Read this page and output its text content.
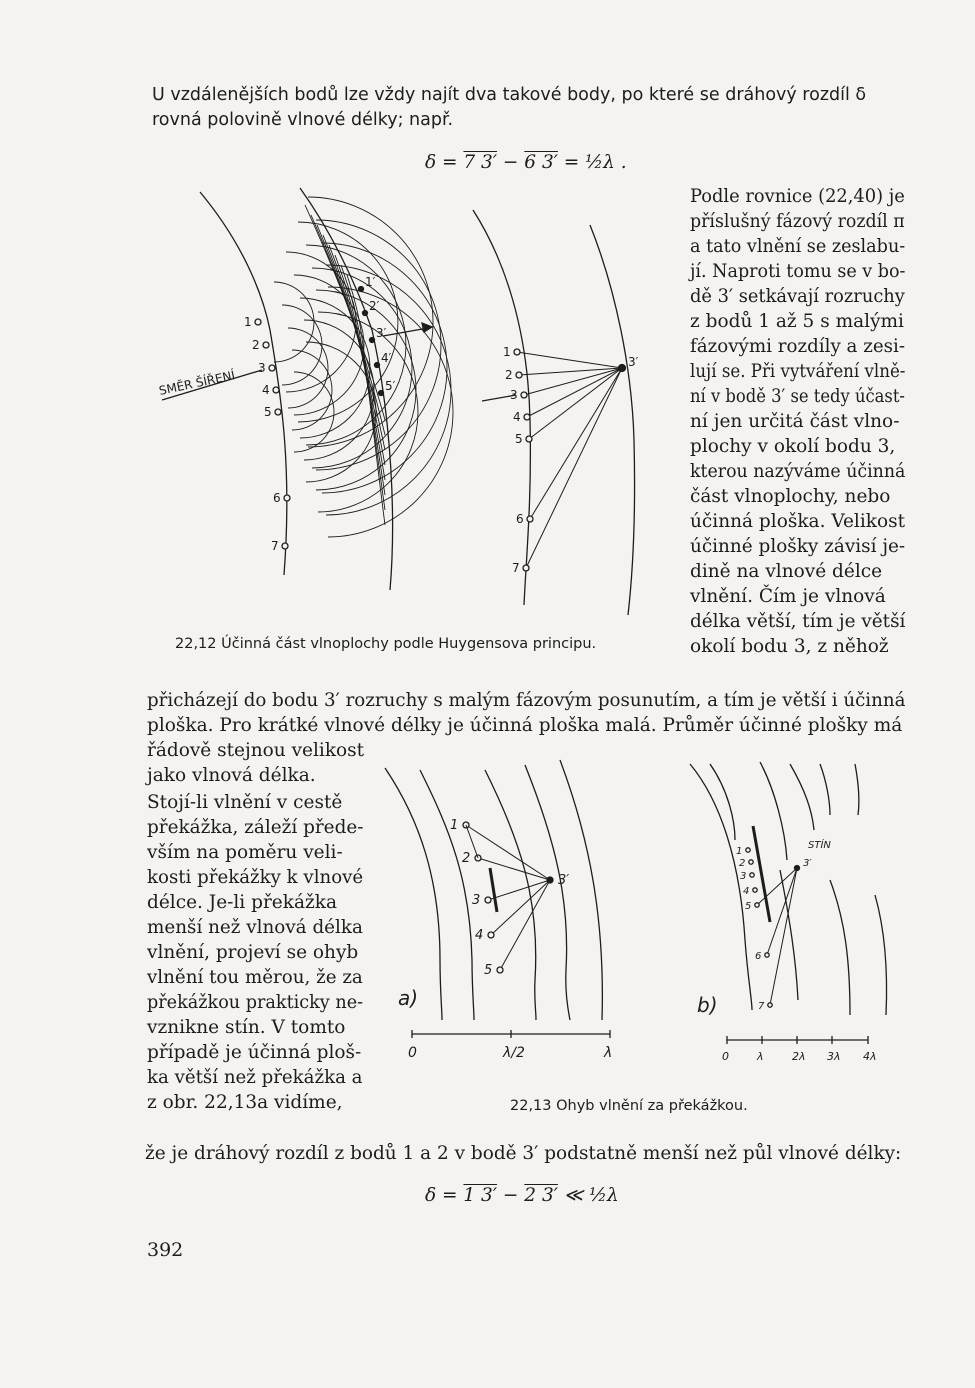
U vzdálenějších bodů lze vždy najít dva takové body, po které se dráhový rozdíl δ
rovná polovině vlnové délky; např.
δ = 7 3′ − 6 3′ = ½λ .
Podle rovnice (22,40) je
příslušný fázový rozdíl π
a tato vlnění se zeslabu-
jí. Naproti tomu se v bo-
dě 3′ setkávají rozruchy
z bodů 1 až 5 s malými
fázovými rozdíly a zesi-
lují se. Při vytváření vlně-
ní v bodě 3′ se tedy účast-
ní jen určitá část vlno-
plochy v okolí bodu 3,
kterou nazýváme účinná
část vlnoplochy, nebo
účinná ploška. Velikost
účinné plošky závisí je-
dině na vlnové délce
vlnění. Čím je vlnová
délka větší, tím je větší
okolí bodu 3, z něhož
1
2
3
4
5
6
7
1′
2′
3′
4′
5′
SMĚR ŠÍŘENÍ
1
2
3
4
5
6
7
3′
22,12 Účinná část vlnoplochy podle Huygensova principu.
přicházejí do bodu 3′ rozruchy s malým fázovým posunutím, a tím je větší i účinná
ploška. Pro krátké vlnové délky je účinná ploška malá. Průměr účinné plošky má
řádově stejnou velikost
jako vlnová délka.
Stojí-li vlnění v cestě
překážka, záleží přede-
vším na poměru veli-
kosti překážky k vlnové
délce. Je-li překážka
menší než vlnová délka
vlnění, projeví se ohyb
vlnění tou měrou, že za
překážkou prakticky ne-
vznikne stín. V tomto
případě je účinná ploš-
ka větší než překážka a
z obr. 22,13a vidíme,
1
2
3
4
5
3′
a)
0	λ/2	λ
1
2
3
4
5
6
7
3′
STÍN
b)
0	λ	2λ 3λ 4λ
22,13 Ohyb vlnění za překážkou.
že je dráhový rozdíl z bodů 1 a 2 v bodě 3′ podstatně menší než půl vlnové délky:
δ = 1 3′ − 2 3′ ≪ ½λ
392
